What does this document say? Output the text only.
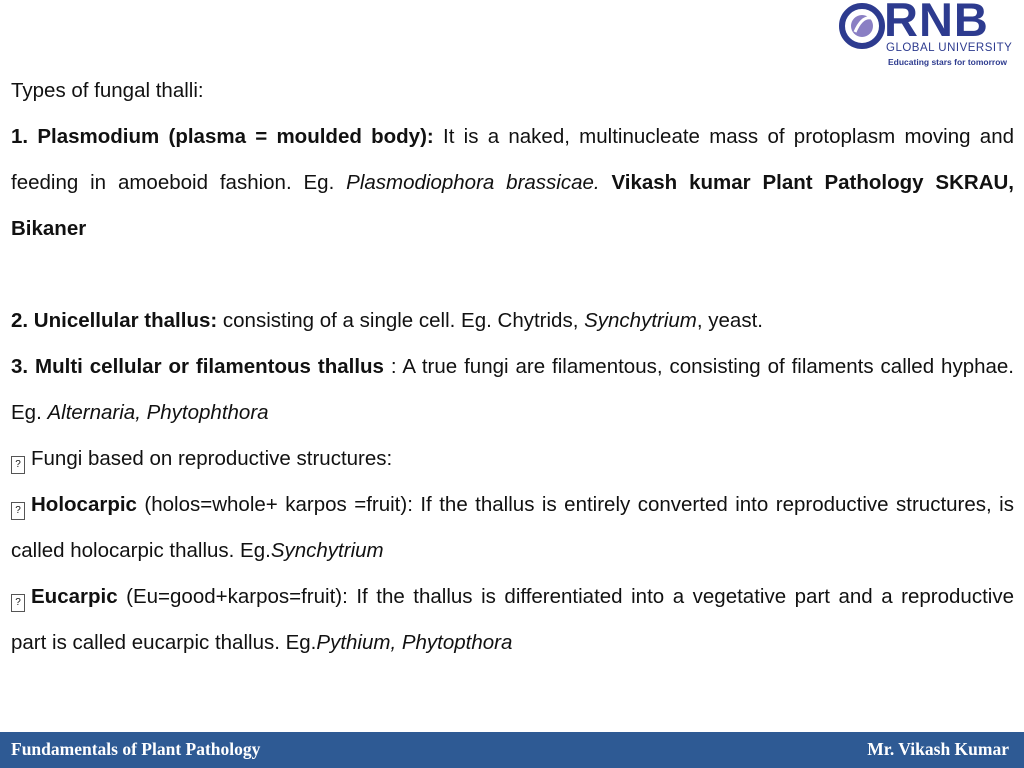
RNB
GLOBAL UNIVERSITY
Educating stars for tomorrow

Types of fungal thalli:

1. Plasmodium (plasma = moulded body): It is a naked, multinucleate mass of protoplasm moving and feeding in amoeboid fashion. Eg. Plasmodiophora brassicae. Vikash kumar Plant Pathology SKRAU, Bikaner

2. Unicellular thallus: consisting of a single cell. Eg. Chytrids, Synchytrium, yeast.

3. Multi cellular or filamentous thallus : A true fungi are filamentous, consisting of filaments called hyphae. Eg. Alternaria, Phytophthora

? Fungi based on reproductive structures:

? Holocarpic (holos=whole+ karpos =fruit): If the thallus is entirely converted into reproductive structures, is called holocarpic thallus. Eg.Synchytrium

? Eucarpic (Eu=good+karpos=fruit): If the thallus is differentiated into a vegetative part and a reproductive part is called eucarpic thallus. Eg.Pythium, Phytopthora

Fundamentals of Plant Pathology	Mr. Vikash Kumar
